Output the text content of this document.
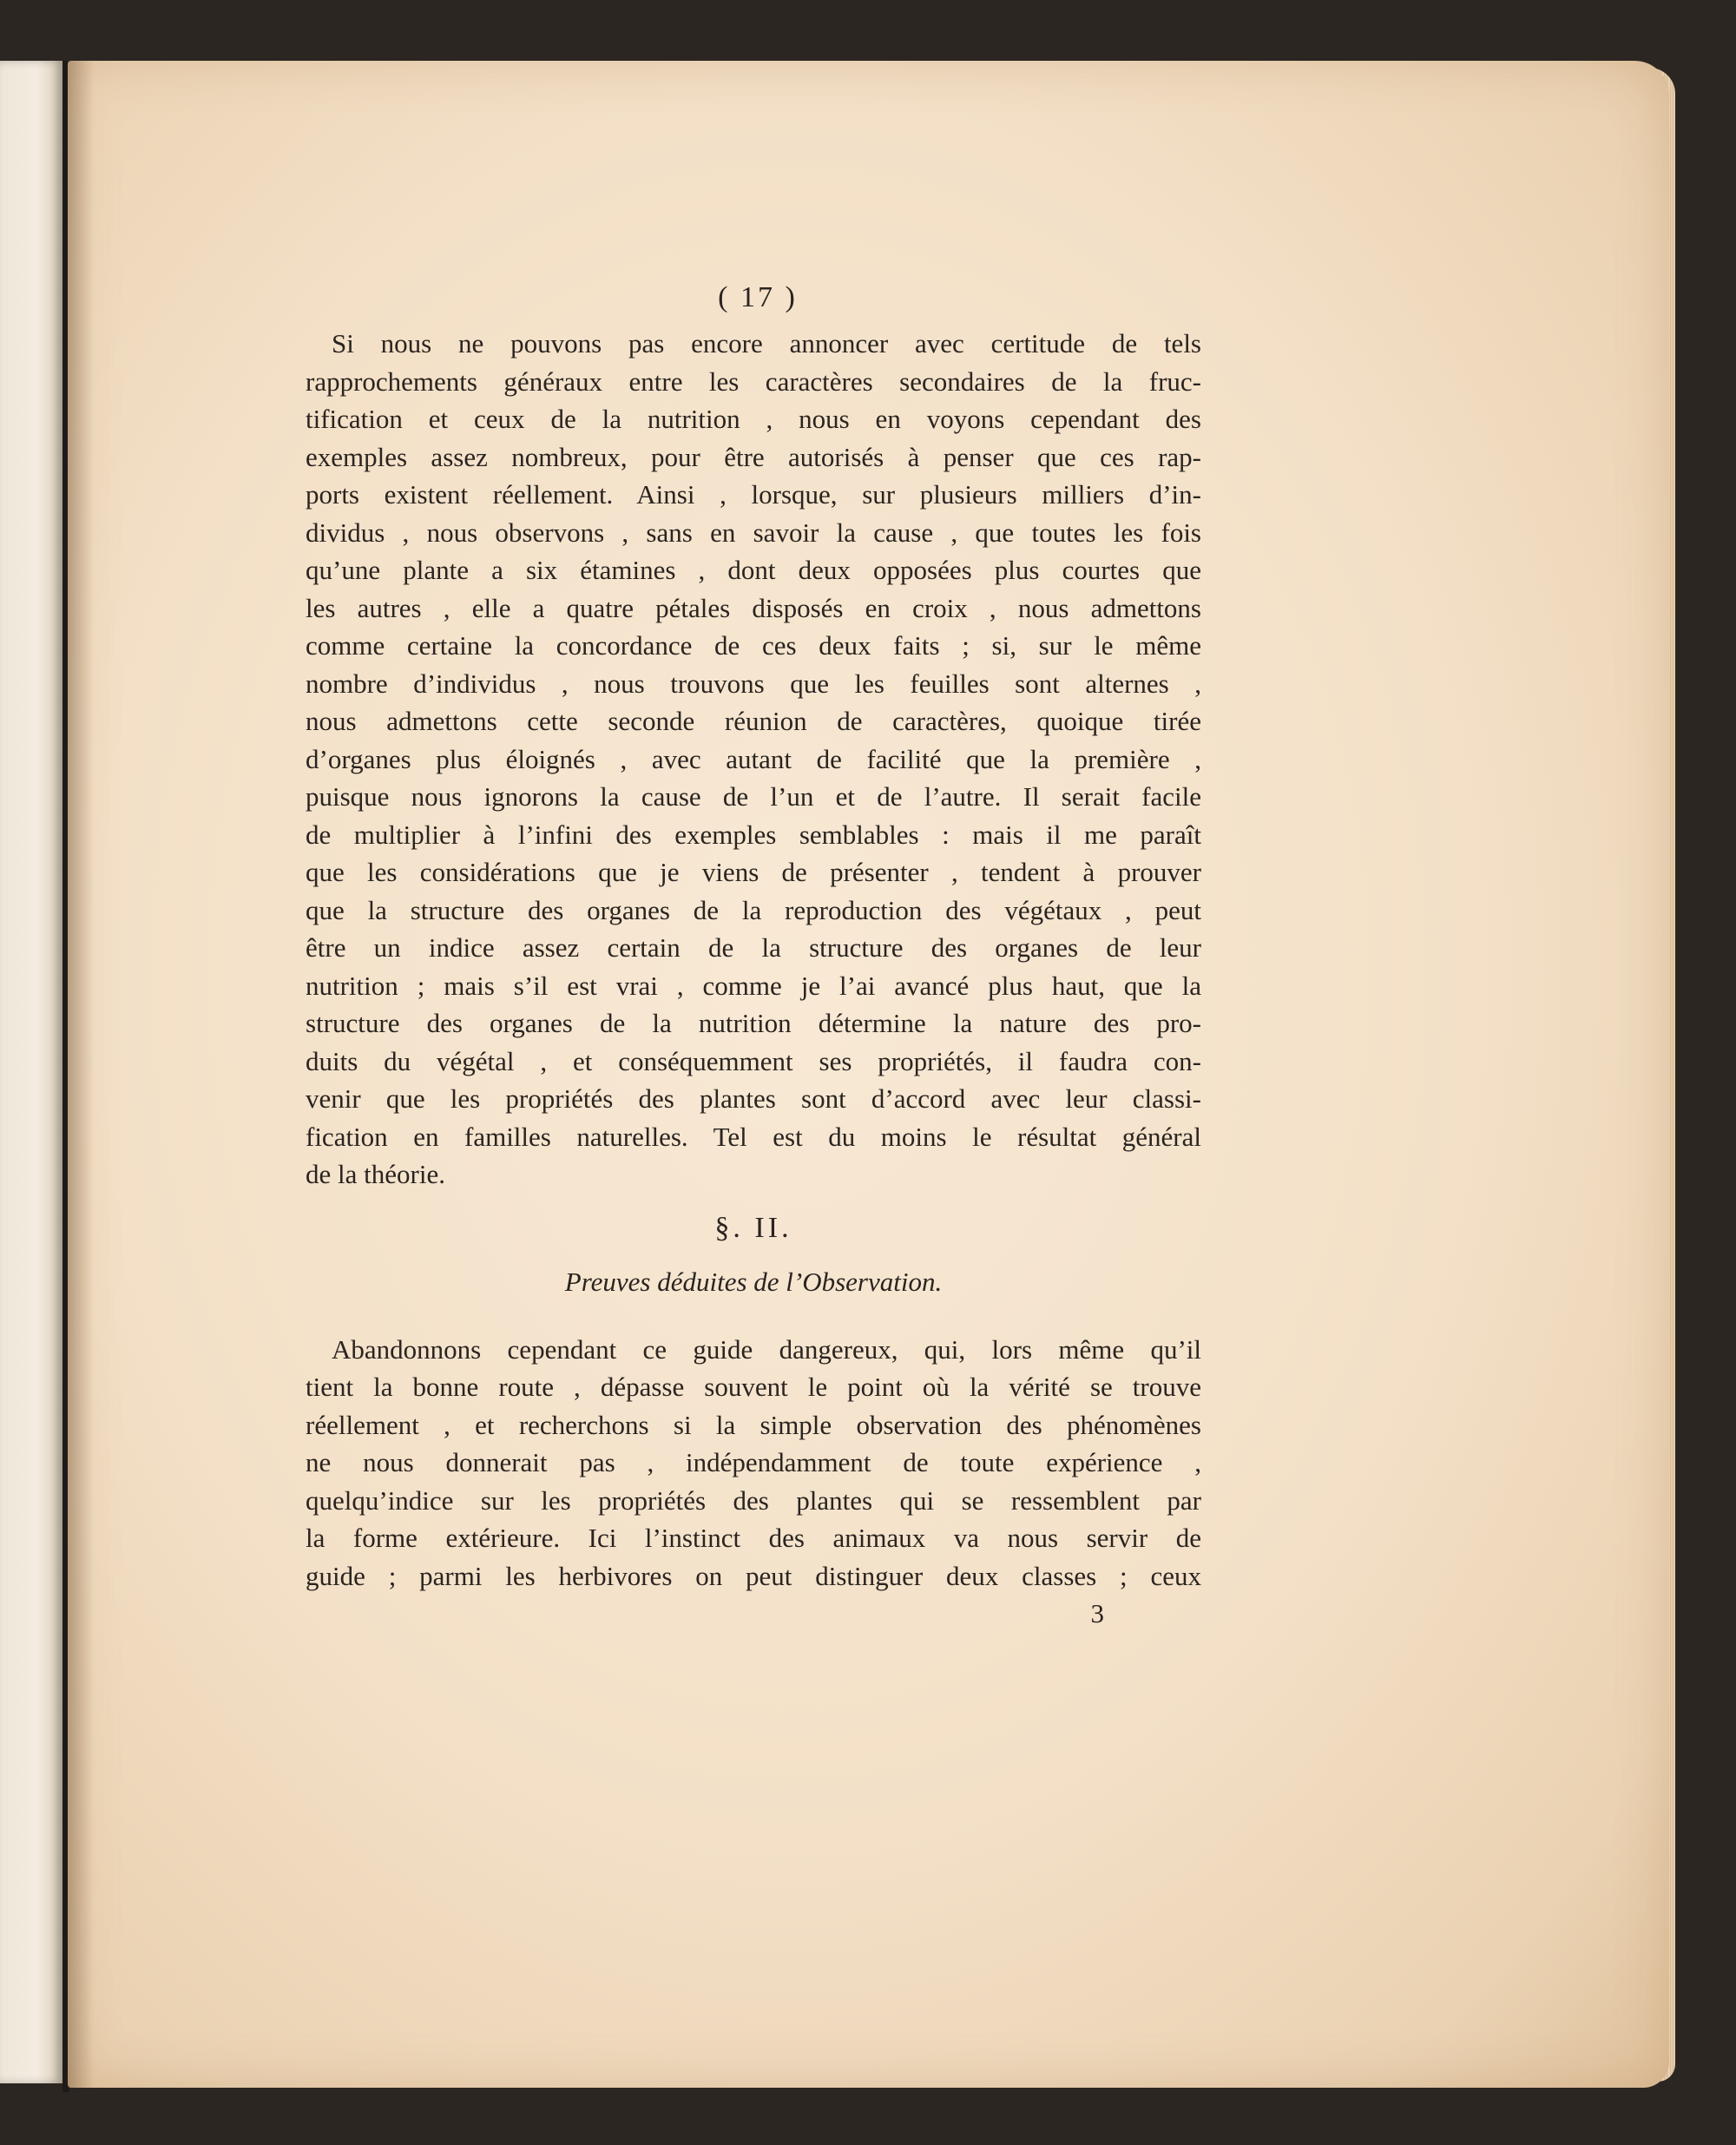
( 17 )
Si nous ne pouvons pas encore annoncer avec certitude de tels
rapprochements généraux entre les caractères secondaires de la fruc-
tification et ceux de la nutrition , nous en voyons cependant des
exemples assez nombreux, pour être autorisés à penser que ces rap-
ports existent réellement. Ainsi , lorsque, sur plusieurs milliers d’in-
dividus , nous observons , sans en savoir la cause , que toutes les fois
qu’une plante a six étamines , dont deux opposées plus courtes que
les autres , elle a quatre pétales disposés en croix , nous admettons
comme certaine la concordance de ces deux faits ; si, sur le même
nombre d’individus , nous trouvons que les feuilles sont alternes ,
nous admettons cette seconde réunion de caractères, quoique tirée
d’organes plus éloignés , avec autant de facilité que la première ,
puisque nous ignorons la cause de l’un et de l’autre. Il serait facile
de multiplier à l’infini des exemples semblables : mais il me paraît
que les considérations que je viens de présenter , tendent à prouver
que la structure des organes de la reproduction des végétaux , peut
être un indice assez certain de la structure des organes de leur
nutrition ; mais s’il est vrai , comme je l’ai avancé plus haut, que la
structure des organes de la nutrition détermine la nature des pro-
duits du végétal , et conséquemment ses propriétés, il faudra con-
venir que les propriétés des plantes sont d’accord avec leur classi-
fication en familles naturelles. Tel est du moins le résultat général
de la théorie.
§. II.
Preuves déduites de l’Observation.
Abandonnons cependant ce guide dangereux, qui, lors même qu’il
tient la bonne route , dépasse souvent le point où la vérité se trouve
réellement , et recherchons si la simple observation des phénomènes
ne nous donnerait pas , indépendamment de toute expérience ,
quelqu’indice sur les propriétés des plantes qui se ressemblent par
la forme extérieure. Ici l’instinct des animaux va nous servir de
guide ; parmi les herbivores on peut distinguer deux classes ; ceux
3
